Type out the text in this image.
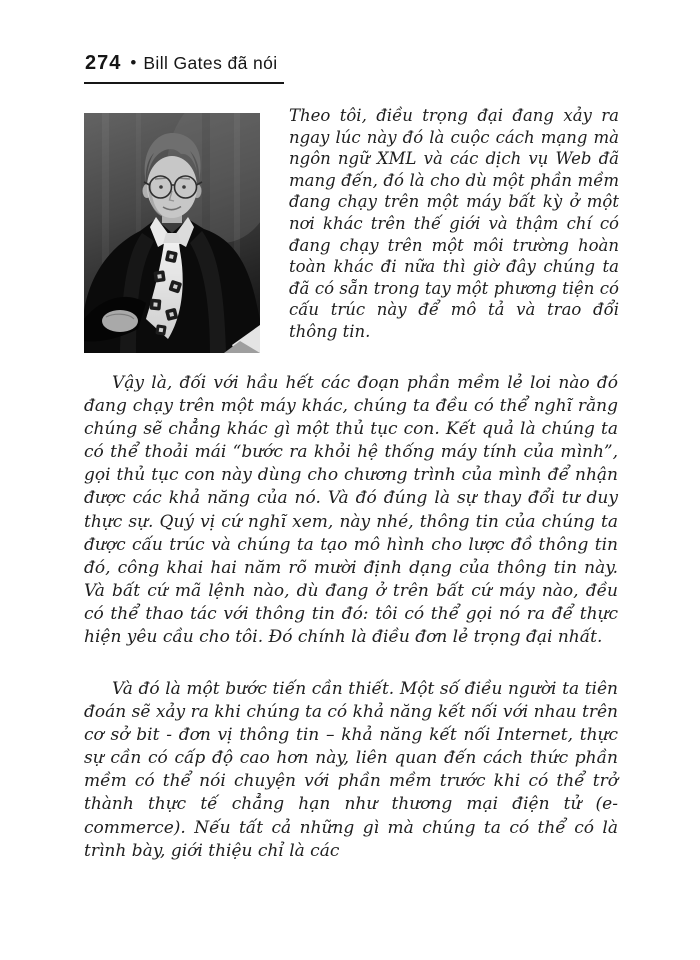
274 • Bill Gates đã nói

Theo tôi, điều trọng đại đang xảy ra ngay lúc này đó là cuộc cách mạng mà ngôn ngữ XML và các dịch vụ Web đã mang đến, đó là cho dù một phần mềm đang chạy trên một máy bất kỳ ở một nơi khác trên thế giới và thậm chí có đang chạy trên một môi trường hoàn toàn khác đi nữa thì giờ đây chúng ta đã có sẵn trong tay một phương tiện có cấu trúc này để mô tả và trao đổi thông tin.

Vậy là, đối với hầu hết các đoạn phần mềm lẻ loi nào đó đang chạy trên một máy khác, chúng ta đều có thể nghĩ rằng chúng sẽ chẳng khác gì một thủ tục con. Kết quả là chúng ta có thể thoải mái “bước ra khỏi hệ thống máy tính của mình”, gọi thủ tục con này dùng cho chương trình của mình để nhận được các khả năng của nó. Và đó đúng là sự thay đổi tư duy thực sự. Quý vị cứ nghĩ xem, này nhé, thông tin của chúng ta được cấu trúc và chúng ta tạo mô hình cho lược đồ thông tin đó, công khai hai năm rõ mười định dạng của thông tin này. Và bất cứ mã lệnh nào, dù đang ở trên bất cứ máy nào, đều có thể thao tác với thông tin đó: tôi có thể gọi nó ra để thực hiện yêu cầu cho tôi. Đó chính là điều đơn lẻ trọng đại nhất.

Và đó là một bước tiến cần thiết. Một số điều người ta tiên đoán sẽ xảy ra khi chúng ta có khả năng kết nối với nhau trên cơ sở bit - đơn vị thông tin – khả năng kết nối Internet, thực sự cần có cấp độ cao hơn này, liên quan đến cách thức phần mềm có thể nói chuyện với phần mềm trước khi có thể trở thành thực tế chẳng hạn như thương mại điện tử (e-commerce). Nếu tất cả những gì mà chúng ta có thể có là trình bày, giới thiệu chỉ là các
